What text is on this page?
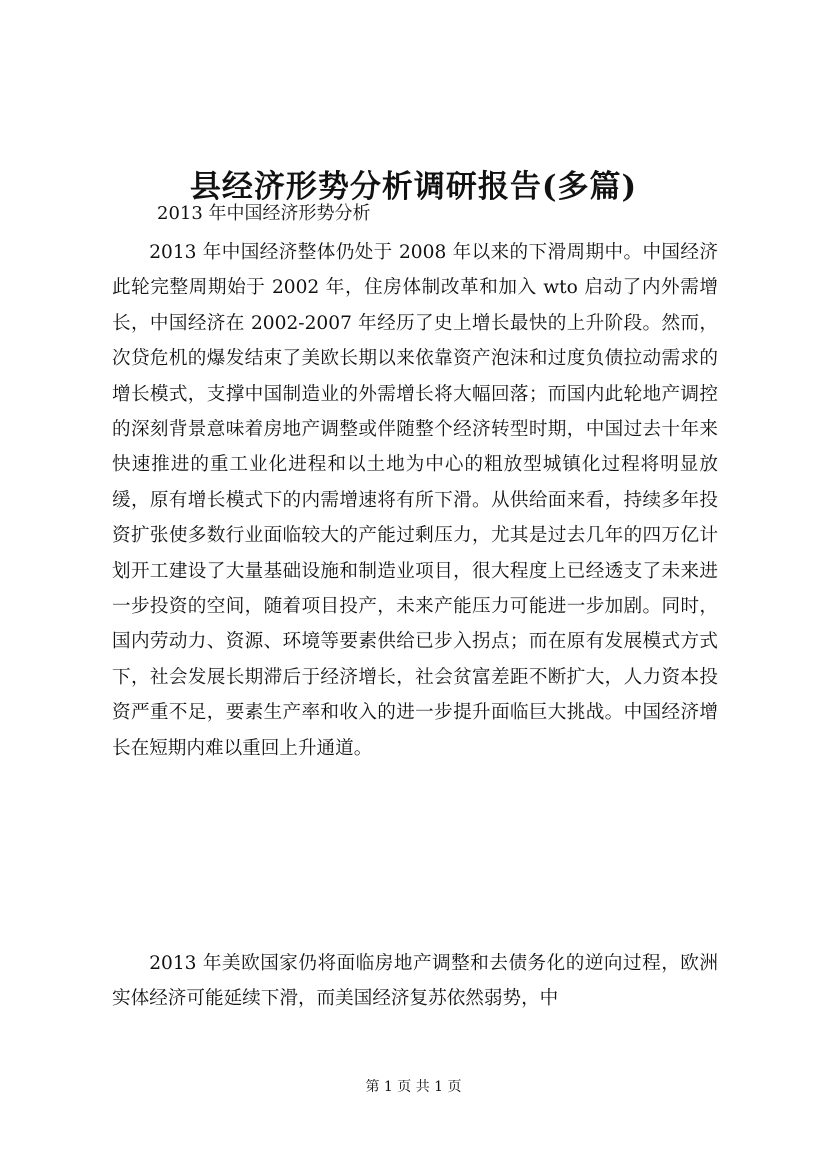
县经济形势分析调研报告(多篇)
2013 年中国经济形势分析

2013 年中国经济整体仍处于 2008 年以来的下滑周期中。中国经济此轮完整周期始于 2002 年，住房体制改革和加入 wto 启动了内外需增长，中国经济在 2002-2007 年经历了史上增长最快的上升阶段。然而，次贷危机的爆发结束了美欧长期以来依靠资产泡沫和过度负债拉动需求的增长模式，支撑中国制造业的外需增长将大幅回落；而国内此轮地产调控的深刻背景意味着房地产调整或伴随整个经济转型时期，中国过去十年来快速推进的重工业化进程和以土地为中心的粗放型城镇化过程将明显放缓，原有增长模式下的内需增速将有所下滑。从供给面来看，持续多年投资扩张使多数行业面临较大的产能过剩压力，尤其是过去几年的四万亿计划开工建设了大量基础设施和制造业项目，很大程度上已经透支了未来进一步投资的空间，随着项目投产，未来产能压力可能进一步加剧。同时，国内劳动力、资源、环境等要素供给已步入拐点；而在原有发展模式方式下，社会发展长期滞后于经济增长，社会贫富差距不断扩大，人力资本投资严重不足，要素生产率和收入的进一步提升面临巨大挑战。中国经济增长在短期内难以重回上升通道。

2013 年美欧国家仍将面临房地产调整和去债务化的逆向过程，欧洲实体经济可能延续下滑，而美国经济复苏依然弱势，中

第 1 页 共 1 页
